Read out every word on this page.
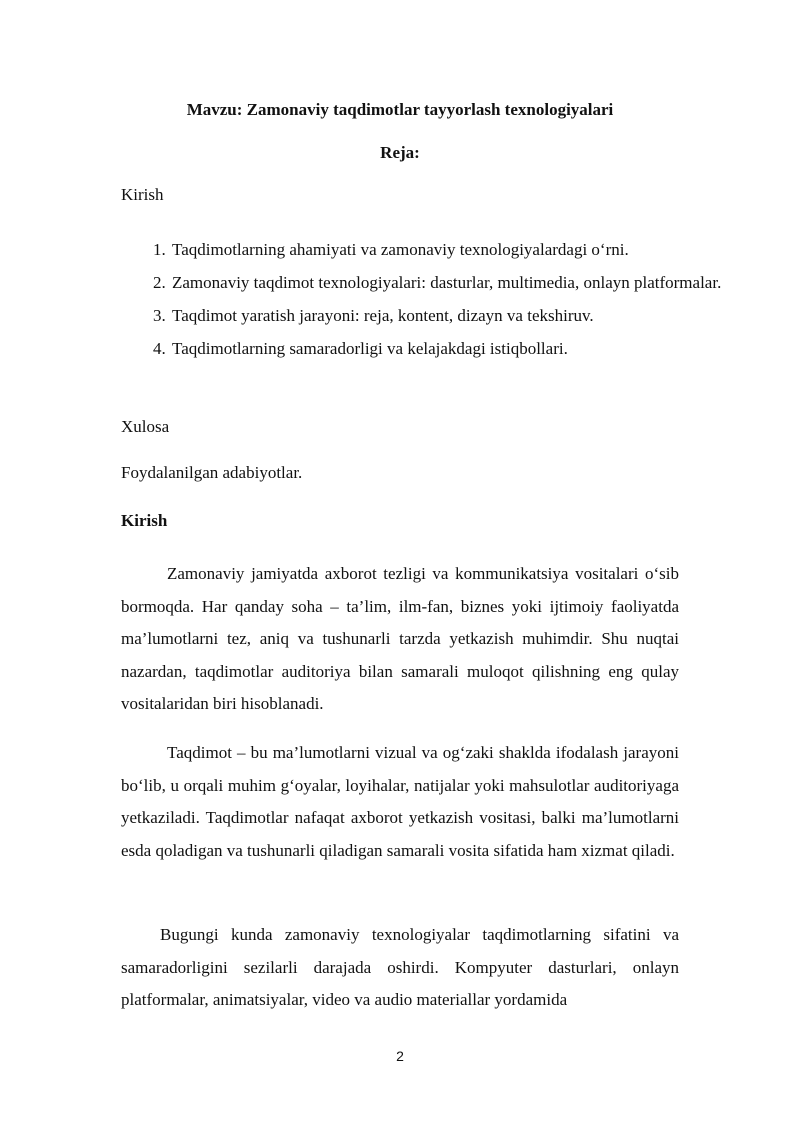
Mavzu: Zamonaviy taqdimotlar tayyorlash texnologiyalari
Reja:
Kirish
1. Taqdimotlarning ahamiyati va zamonaviy texnologiyalardagi o‘rni.
2. Zamonaviy taqdimot texnologiyalari: dasturlar, multimedia, onlayn platformalar.
3. Taqdimot yaratish jarayoni: reja, kontent, dizayn va tekshiruv.
4. Taqdimotlarning samaradorligi va kelajakdagi istiqbollari.
Xulosa
Foydalanilgan adabiyotlar.
Kirish

Zamonaviy jamiyatda axborot tezligi va kommunikatsiya vositalari o‘sib bormoqda. Har qanday soha – ta’lim, ilm-fan, biznes yoki ijtimoiy faoliyatda ma’lumotlarni tez, aniq va tushunarli tarzda yetkazish muhimdir. Shu nuqtai nazardan, taqdimotlar auditoriya bilan samarali muloqot qilishning eng qulay vositalaridan biri hisoblanadi.

Taqdimot – bu ma’lumotlarni vizual va og‘zaki shaklda ifodalash jarayoni bo‘lib, u orqali muhim g‘oyalar, loyihalar, natijalar yoki mahsulotlar auditoriyaga yetkaziladi. Taqdimotlar nafaqat axborot yetkazish vositasi, balki ma’lumotlarni esda qoladigan va tushunarli qiladigan samarali vosita sifatida ham xizmat qiladi.

Bugungi kunda zamonaviy texnologiyalar taqdimotlarning sifatini va samaradorligini sezilarli darajada oshirdi. Kompyuter dasturlari, onlayn platformalar, animatsiyalar, video va audio materiallar yordamida

2
